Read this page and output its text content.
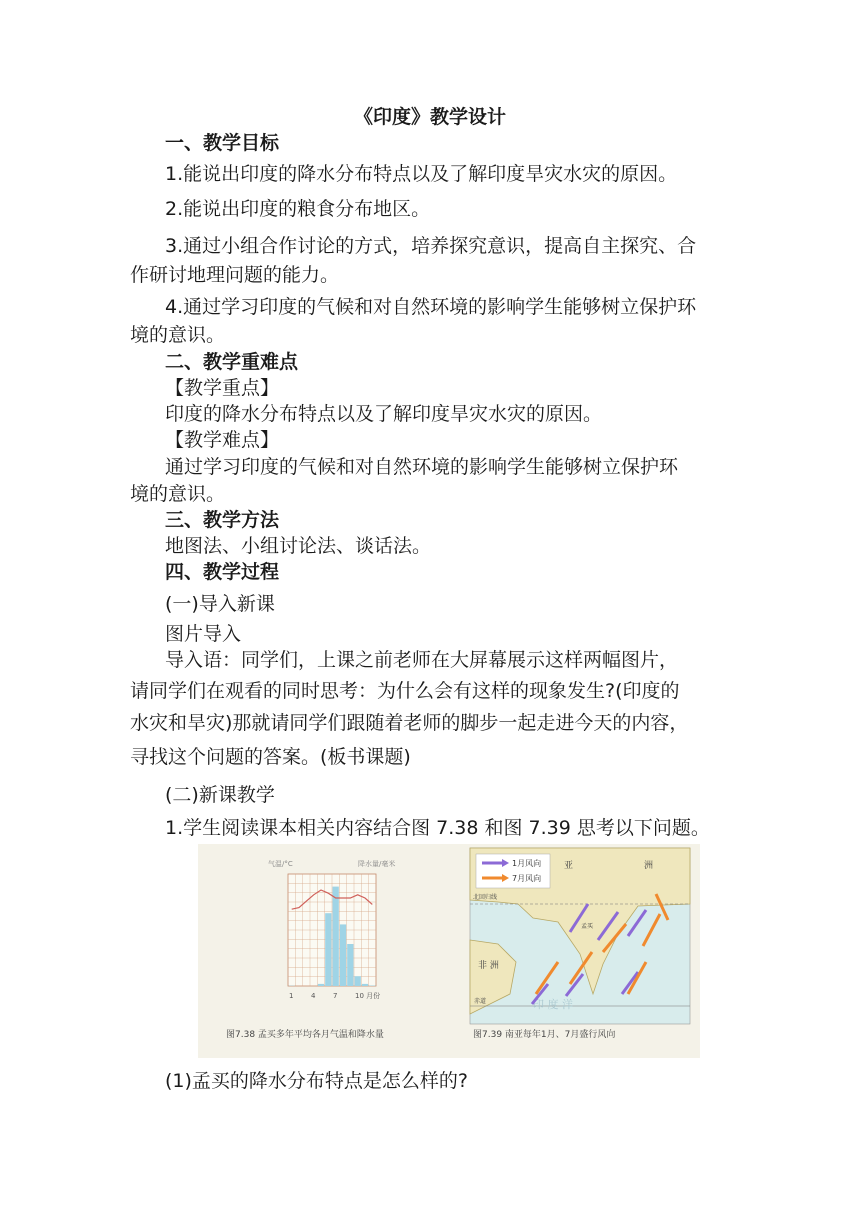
《印度》教学设计
一、教学目标
1.能说出印度的降水分布特点以及了解印度旱灾水灾的原因。
2.能说出印度的粮食分布地区。
3.通过小组合作讨论的方式，培养探究意识，提高自主探究、合
作研讨地理问题的能力。
4.通过学习印度的气候和对自然环境的影响学生能够树立保护环
境的意识。
二、教学重难点
【教学重点】
印度的降水分布特点以及了解印度旱灾水灾的原因。
【教学难点】
通过学习印度的气候和对自然环境的影响学生能够树立保护环
境的意识。
三、教学方法
地图法、小组讨论法、谈话法。
四、教学过程
(一)导入新课
图片导入
导入语：同学们，上课之前老师在大屏幕展示这样两幅图片，
请同学们在观看的同时思考：为什么会有这样的现象发生?(印度的
水灾和旱灾)那就请同学们跟随着老师的脚步一起走进今天的内容，
寻找这个问题的答案。(板书课题)
(二)新课教学
1.学生阅读课本相关内容结合图 7.38 和图 7.39 思考以下问题。
气温/°C	降水量/毫米
1	4	7	10 月份
1月风向
7月风向
亚	洲
北回归线
非 洲
赤道	印 度 洋
孟买
图7.38 孟买多年平均各月气温和降水量	图7.39 南亚每年1月、7月盛行风向
(1)孟买的降水分布特点是怎么样的?
